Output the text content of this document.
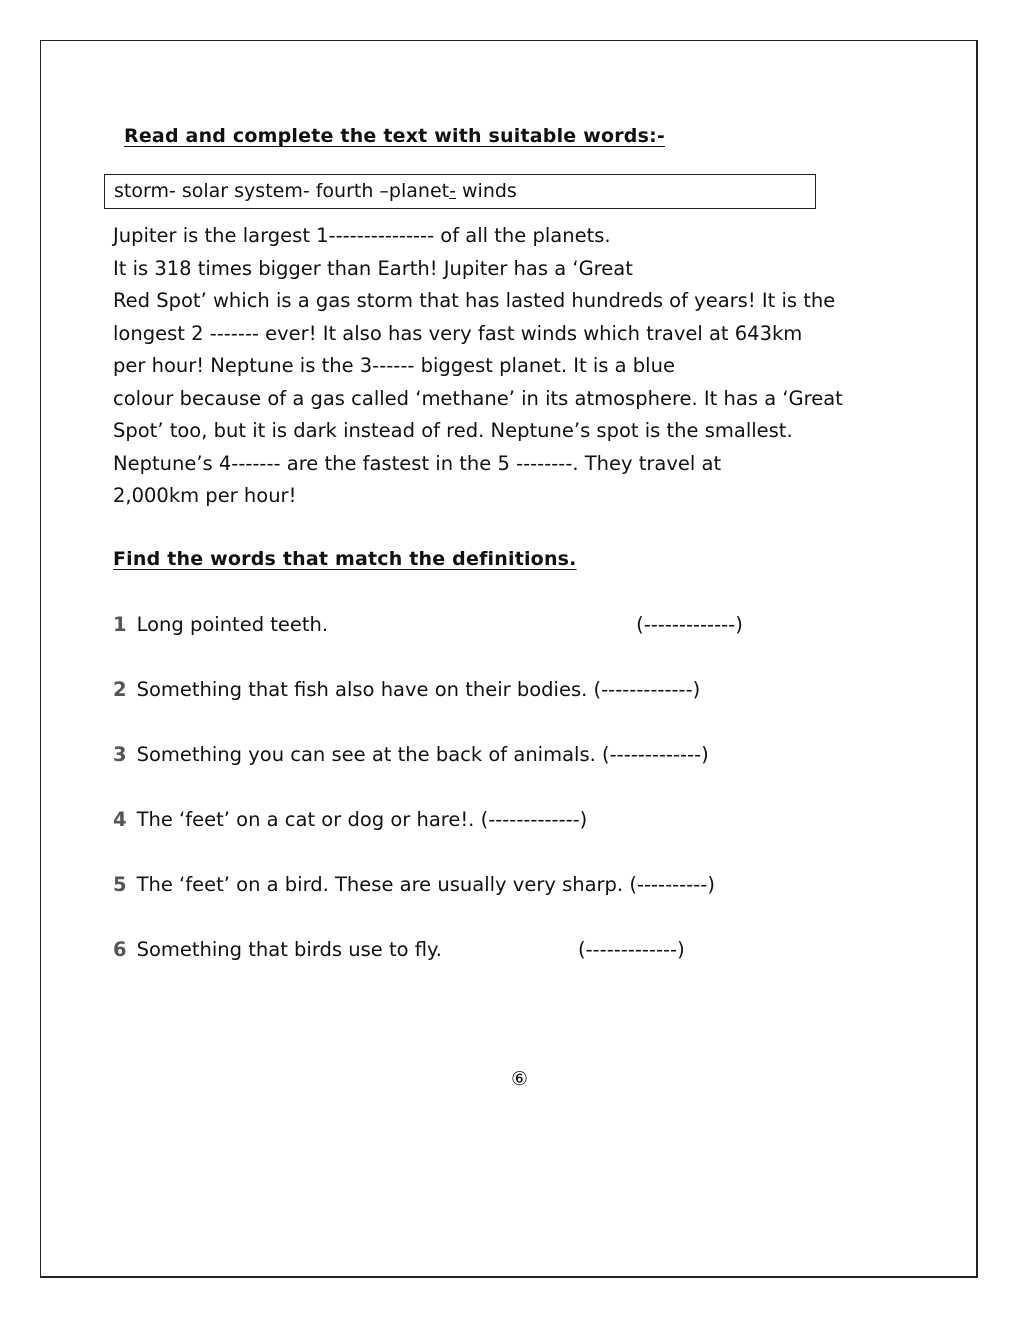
Read and complete the text with suitable words:-
storm- solar system- fourth –planet- winds
Jupiter is the largest 1--------------- of all the planets.
It is 318 times bigger than Earth! Jupiter has a ‘Great
Red Spot’ which is a gas storm that has lasted hundreds of years! It is the
longest 2 ------- ever! It also has very fast winds which travel at 643km
per hour! Neptune is the 3------ biggest planet. It is a blue
colour because of a gas called ‘methane’ in its atmosphere. It has a ‘Great
Spot’ too, but it is dark instead of red. Neptune’s spot is the smallest.
Neptune’s 4------- are the fastest in the 5 --------. They travel at
2,000km per hour!
Find the words that match the definitions.
1 Long pointed teeth.	(-------------)
2 Something that fish also have on their bodies. (-------------)
3 Something you can see at the back of animals. (-------------)
4 The ‘feet’ on a cat or dog or hare!. (-------------)
5 The ‘feet’ on a bird. These are usually very sharp. (----------)
6 Something that birds use to fly.	(-------------)
⑥
